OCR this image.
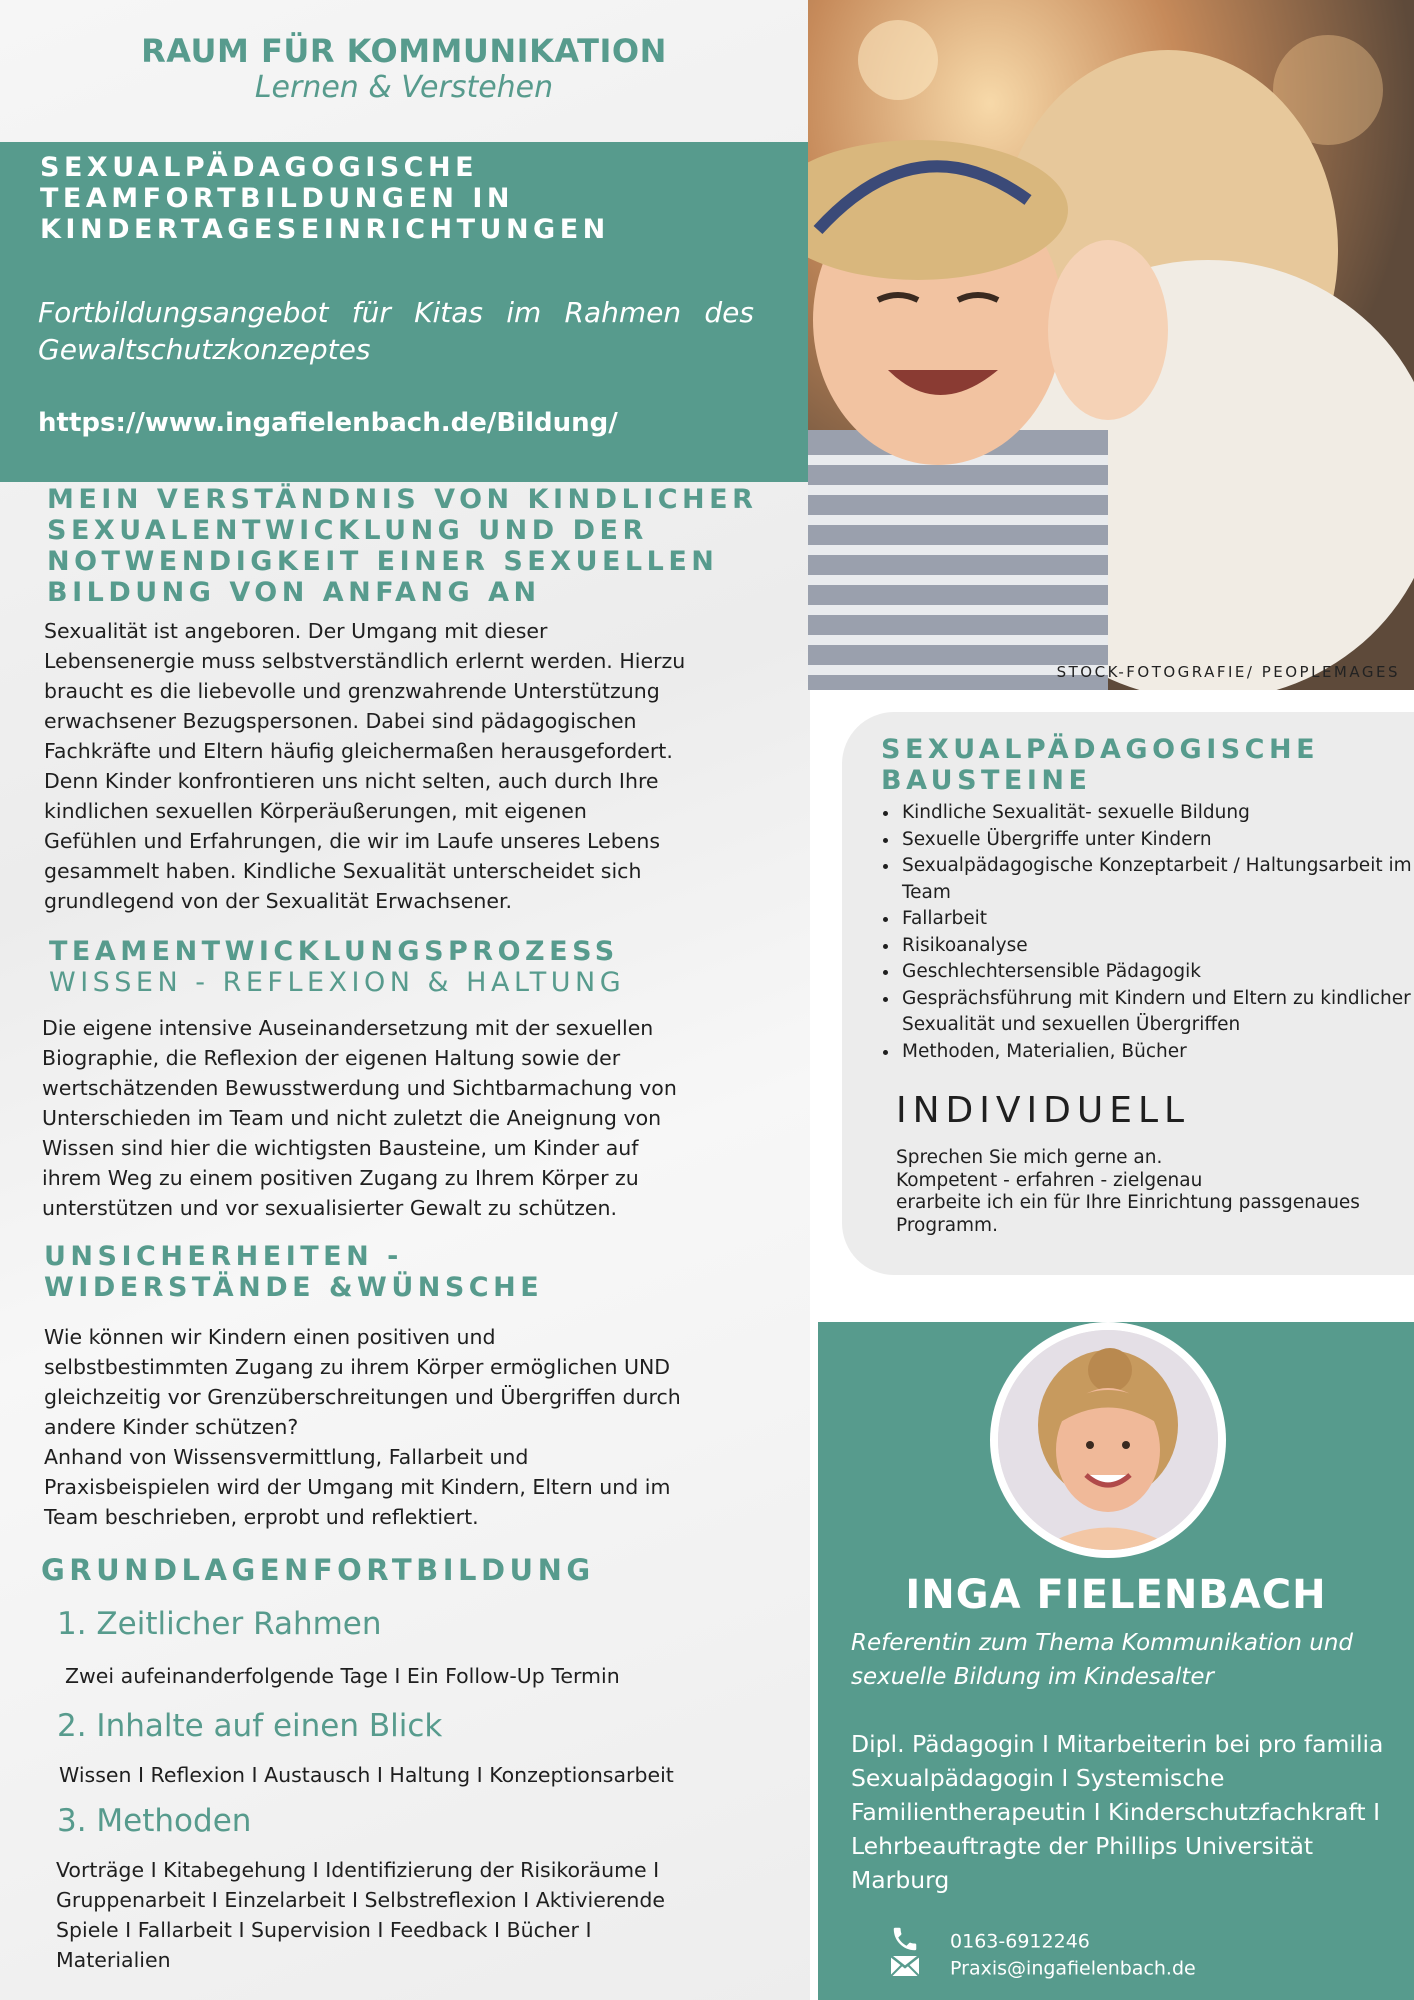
RAUM FÜR KOMMUNIKATION
Lernen & Verstehen
SEXUALPÄDAGOGISCHE
TEAMFORTBILDUNGEN IN
KINDERTAGESEINRICHTUNGEN
Fortbildungsangebot für Kitas im Rahmen des Gewaltschutzkonzeptes
https://www.ingafielenbach.de/Bildung/
STOCK-FOTOGRAFIE/ PEOPLEMAGES
MEIN VERSTÄNDNIS VON KINDLICHER
SEXUALENTWICKLUNG UND DER
NOTWENDIGKEIT EINER SEXUELLEN
BILDUNG VON ANFANG AN
Sexualität ist angeboren. Der Umgang mit dieser
Lebensenergie muss selbstverständlich erlernt werden. Hierzu
braucht es die liebevolle und grenzwahrende Unterstützung
erwachsener Bezugspersonen. Dabei sind pädagogischen
Fachkräfte und Eltern häufig gleichermaßen herausgefordert.
Denn Kinder konfrontieren uns nicht selten, auch durch Ihre
kindlichen sexuellen Körperäußerungen, mit eigenen
Gefühlen und Erfahrungen, die wir im Laufe unseres Lebens
gesammelt haben. Kindliche Sexualität unterscheidet sich
grundlegend von der Sexualität Erwachsener.
TEAMENTWICKLUNGSPROZESS
WISSEN - REFLEXION & HALTUNG
Die eigene intensive Auseinandersetzung mit der sexuellen
Biographie, die Reflexion der eigenen Haltung sowie der
wertschätzenden Bewusstwerdung und Sichtbarmachung von
Unterschieden im Team und nicht zuletzt die Aneignung von
Wissen sind hier die wichtigsten Bausteine, um Kinder auf
ihrem Weg zu einem positiven Zugang zu Ihrem Körper zu
unterstützen und vor sexualisierter Gewalt zu schützen.
UNSICHERHEITEN -
WIDERSTÄNDE &WÜNSCHE
Wie können wir Kindern einen positiven und
selbstbestimmten Zugang zu ihrem Körper ermöglichen UND
gleichzeitig vor Grenzüberschreitungen und Übergriffen durch
andere Kinder schützen?
Anhand von Wissensvermittlung, Fallarbeit und
Praxisbeispielen wird der Umgang mit Kindern, Eltern und im
Team beschrieben, erprobt und reflektiert.
GRUNDLAGENFORTBILDUNG
1. Zeitlicher Rahmen
Zwei aufeinanderfolgende Tage I Ein Follow-Up Termin
2. Inhalte auf einen Blick
Wissen I Reflexion I Austausch I Haltung I Konzeptionsarbeit
3. Methoden
Vorträge I Kitabegehung I Identifizierung der Risikoräume I
Gruppenarbeit I Einzelarbeit I Selbstreflexion I Aktivierende
Spiele I Fallarbeit I Supervision I Feedback I Bücher I
Materialien
SEXUALPÄDAGOGISCHE
BAUSTEINE
• Kindliche Sexualität- sexuelle Bildung
• Sexuelle Übergriffe unter Kindern
• Sexualpädagogische Konzeptarbeit / Haltungsarbeit im Team
• Fallarbeit
• Risikoanalyse
• Geschlechtersensible Pädagogik
• Gesprächsführung mit Kindern und Eltern zu kindlicher Sexualität und sexuellen Übergriffen
• Methoden, Materialien, Bücher
INDIVIDUELL
Sprechen Sie mich gerne an.
Kompetent - erfahren - zielgenau
erarbeite ich ein für Ihre Einrichtung passgenaues
Programm.
INGA FIELENBACH
Referentin zum Thema Kommunikation und
sexuelle Bildung im Kindesalter
Dipl. Pädagogin I Mitarbeiterin bei pro familia
Sexualpädagogin I Systemische
Familientherapeutin I Kinderschutzfachkraft I
Lehrbeauftragte der Phillips Universität
Marburg
0163-6912246
Praxis@ingafielenbach.de
